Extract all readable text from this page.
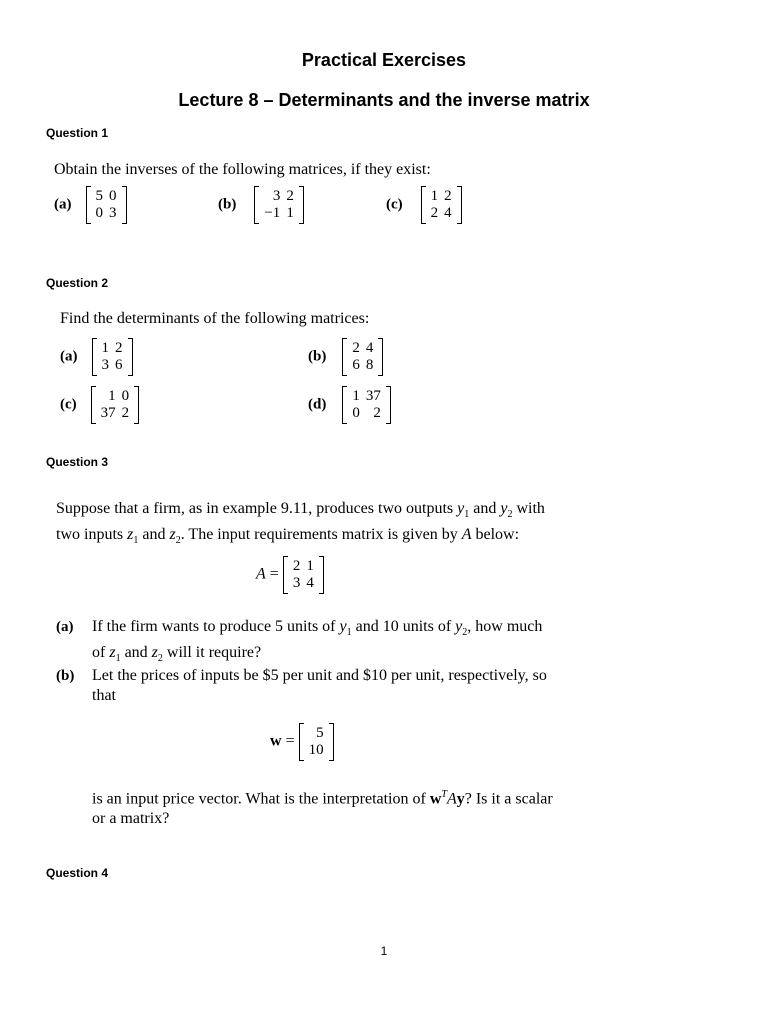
Practical Exercises
Lecture 8 – Determinants and the inverse matrix
Question 1
Obtain the inverses of the following matrices, if they exist:
(a)
5	0
0	3
(b)
3	2
−1	1
(c)
1	2
2	4
Question 2
Find the determinants of the following matrices:
(a)
1	2
3	6
(b)
2	4
6	8
(c)
1	0
37	2
(d)
1	37
0	2
Question 3
Suppose that a firm, as in example 9.11, produces two outputs $y_1$ and $y_2$ with
two inputs $z_1$ and $z_2$. The input requirements matrix is given by A below:
A = 2	1
3	4
(a)	If the firm wants to produce 5 units of $y_1$ and 10 units of $y_2$, how much
of $z_1$ and $z_2$ will it require?
(b)	Let the prices of inputs be $5 per unit and $10 per unit, respectively, so
that
w = 5
10
is an input price vector. What is the interpretation of $w^TAy$? Is it a scalar
or a matrix?
Question 4
1
